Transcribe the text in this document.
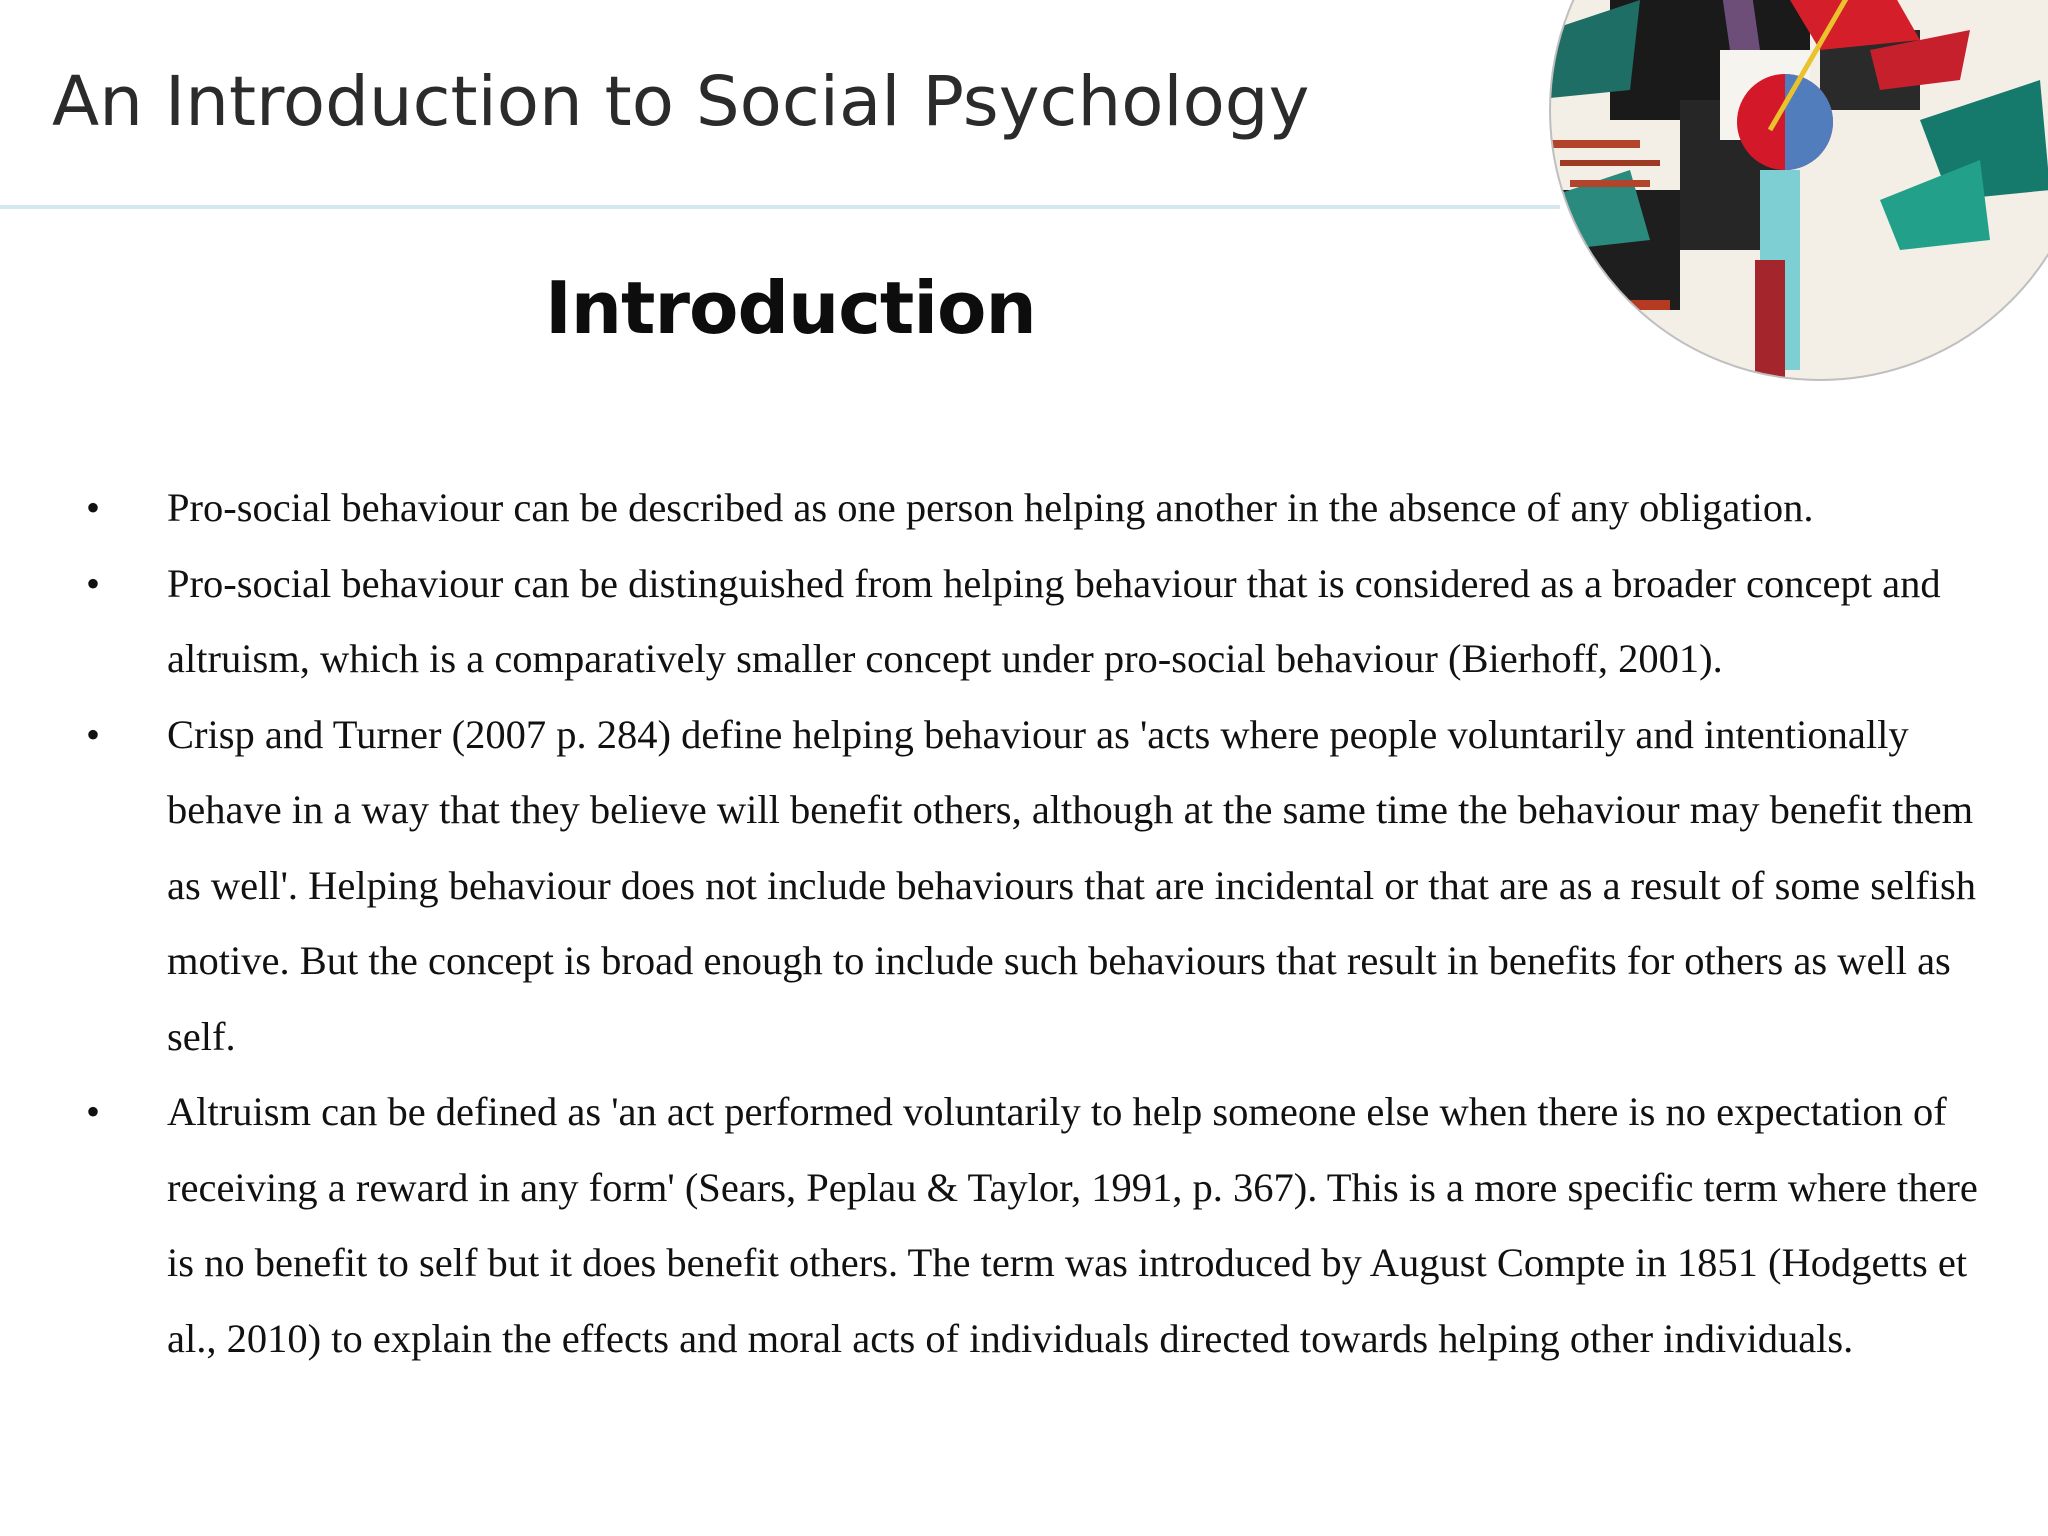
An Introduction to Social Psychology
Introduction
• Pro-social behaviour can be described as one person helping another in the absence of any obligation.
• Pro-social behaviour can be distinguished from helping behaviour that is considered as a broader concept and altruism, which is a comparatively smaller concept under pro-social behaviour (Bierhoff, 2001).
• Crisp and Turner (2007 p. 284) define helping behaviour as 'acts where people voluntarily and intentionally behave in a way that they believe will benefit others, although at the same time the behaviour may benefit them as well'. Helping behaviour does not include behaviours that are incidental or that are as a result of some selfish motive. But the concept is broad enough to include such behaviours that result in benefits for others as well as self.
• Altruism can be defined as 'an act performed voluntarily to help someone else when there is no expectation of receiving a reward in any form' (Sears, Peplau & Taylor, 1991, p. 367). This is a more specific term where there is no benefit to self but it does benefit others. The term was introduced by August Compte in 1851 (Hodgetts et al., 2010) to explain the effects and moral acts of individuals directed towards helping other individuals.
